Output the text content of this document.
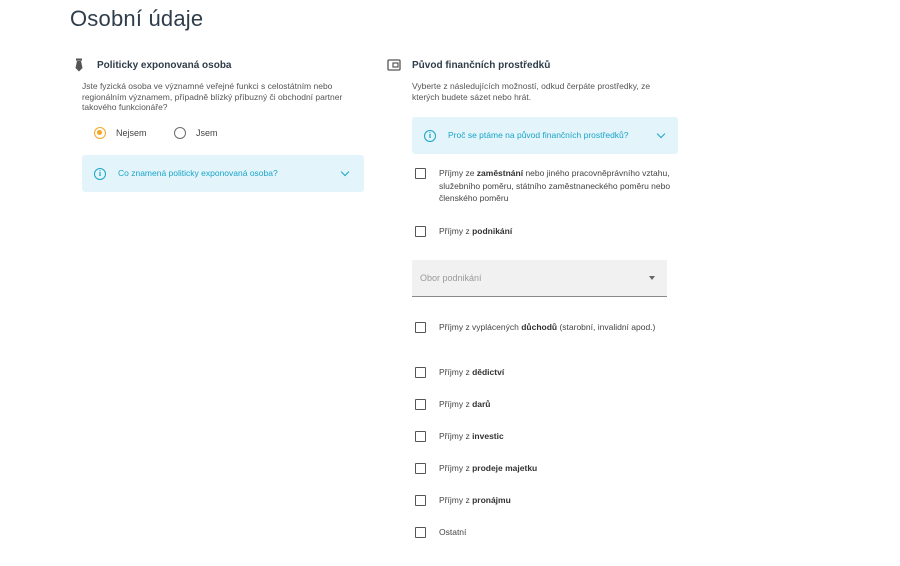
Osobní údaje
Politicky exponovaná osoba
Jste fyzická osoba ve významné veřejné funkci s celostátním nebo regionálním významem, případně blízký příbuzný či obchodní partner takového funkcionáře?
Nejsem	Jsem
i	Co znamená politicky exponovaná osoba?
Původ finančních prostředků
Vyberte z následujících možností, odkud čerpáte prostředky, ze kterých budete sázet nebo hrát.
i	Proč se ptáme na původ finančních prostředků?
Příjmy ze zaměstnání nebo jiného pracovněprávního vztahu, služebního poměru, státního zaměstnaneckého poměru nebo členského poměru
Příjmy z podnikání
Obor podnikání
Příjmy z vyplácených důchodů (starobní, invalidní apod.)
Příjmy z dědictví
Příjmy z darů
Příjmy z investic
Příjmy z prodeje majetku
Příjmy z pronájmu
Ostatní
